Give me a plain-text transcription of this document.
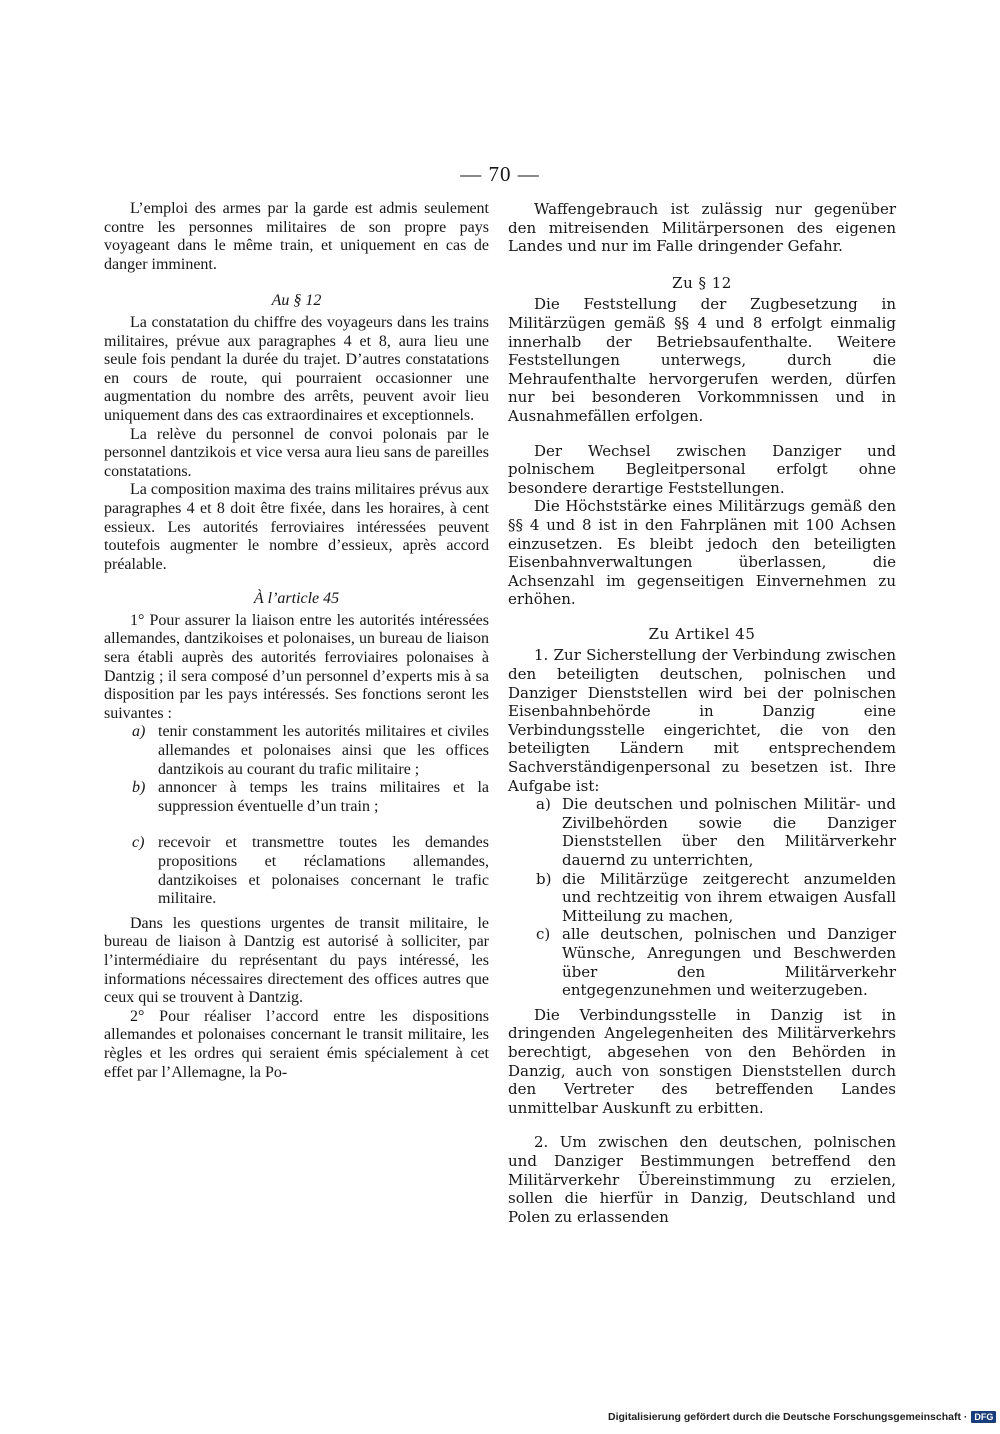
— 70 —

L’emploi des armes par la garde est admis seulement contre les personnes militaires de son propre pays voyageant dans le même train, et uniquement en cas de danger imminent.

Au § 12

La constatation du chiffre des voyageurs dans les trains militaires, prévue aux paragraphes 4 et 8, aura lieu une seule fois pendant la durée du trajet. D’autres constatations en cours de route, qui pourraient occasionner une augmentation du nombre des arrêts, peuvent avoir lieu uniquement dans des cas extraordinaires et exceptionnels.

La relève du personnel de convoi polonais par le personnel dantzikois et vice versa aura lieu sans de pareilles constatations.

La composition maxima des trains militaires prévus aux paragraphes 4 et 8 doit être fixée, dans les horaires, à cent essieux. Les autorités ferroviaires intéressées peuvent toutefois augmenter le nombre d’essieux, après accord préalable.

À l’article 45

1° Pour assurer la liaison entre les autorités intéressées allemandes, dantzikoises et polonaises, un bureau de liaison sera établi auprès des autorités ferroviaires polonaises à Dantzig ; il sera composé d’un personnel d’experts mis à sa disposition par les pays intéressés. Ses fonctions seront les suivantes :

a) tenir constamment les autorités militaires et civiles allemandes et polonaises ainsi que les offices dantzikois au courant du trafic militaire ;
b) annoncer à temps les trains militaires et la suppression éventuelle d’un train ;
c) recevoir et transmettre toutes les demandes propositions et réclamations allemandes, dantzikoises et polonaises concernant le trafic militaire.

Dans les questions urgentes de transit militaire, le bureau de liaison à Dantzig est autorisé à solliciter, par l’intermédiaire du représentant du pays intéressé, les informations nécessaires directement des offices autres que ceux qui se trouvent à Dantzig.

2° Pour réaliser l’accord entre les dispositions allemandes et polonaises concernant le transit militaire, les règles et les ordres qui seraient émis spécialement à cet effet par l’Allemagne, la Po-

Waffengebrauch ist zulässig nur gegenüber den mitreisenden Militärpersonen des eigenen Landes und nur im Falle dringender Gefahr.

Zu § 12

Die Feststellung der Zugbesetzung in Militärzügen gemäß §§ 4 und 8 erfolgt einmalig innerhalb der Betriebsaufenthalte. Weitere Feststellungen unterwegs, durch die Mehraufenthalte hervorgerufen werden, dürfen nur bei besonderen Vorkommnissen und in Ausnahmefällen erfolgen.

Der Wechsel zwischen Danziger und polnischem Begleitpersonal erfolgt ohne besondere derartige Feststellungen.

Die Höchststärke eines Militärzugs gemäß den §§ 4 und 8 ist in den Fahrplänen mit 100 Achsen einzusetzen. Es bleibt jedoch den beteiligten Eisenbahnverwaltungen überlassen, die Achsenzahl im gegenseitigen Einvernehmen zu erhöhen.

Zu Artikel 45

1. Zur Sicherstellung der Verbindung zwischen den beteiligten deutschen, polnischen und Danziger Dienststellen wird bei der polnischen Eisenbahnbehörde in Danzig eine Verbindungsstelle eingerichtet, die von den beteiligten Ländern mit entsprechendem Sachverständigenpersonal zu besetzen ist. Ihre Aufgabe ist:

a) Die deutschen und polnischen Militär- und Zivilbehörden sowie die Danziger Dienststellen über den Militärverkehr dauernd zu unterrichten,
b) die Militärzüge zeitgerecht anzumelden und rechtzeitig von ihrem etwaigen Ausfall Mitteilung zu machen,
c) alle deutschen, polnischen und Danziger Wünsche, Anregungen und Beschwerden über den Militärverkehr entgegenzunehmen und weiterzugeben.

Die Verbindungsstelle in Danzig ist in dringenden Angelegenheiten des Militärverkehrs berechtigt, abgesehen von den Behörden in Danzig, auch von sonstigen Dienststellen durch den Vertreter des betreffenden Landes unmittelbar Auskunft zu erbitten.

2. Um zwischen den deutschen, polnischen und Danziger Bestimmungen betreffend den Militärverkehr Übereinstimmung zu erzielen, sollen die hierfür in Danzig, Deutschland und Polen zu erlassenden

Digitalisierung gefördert durch die Deutsche Forschungsgemeinschaft · DFG
